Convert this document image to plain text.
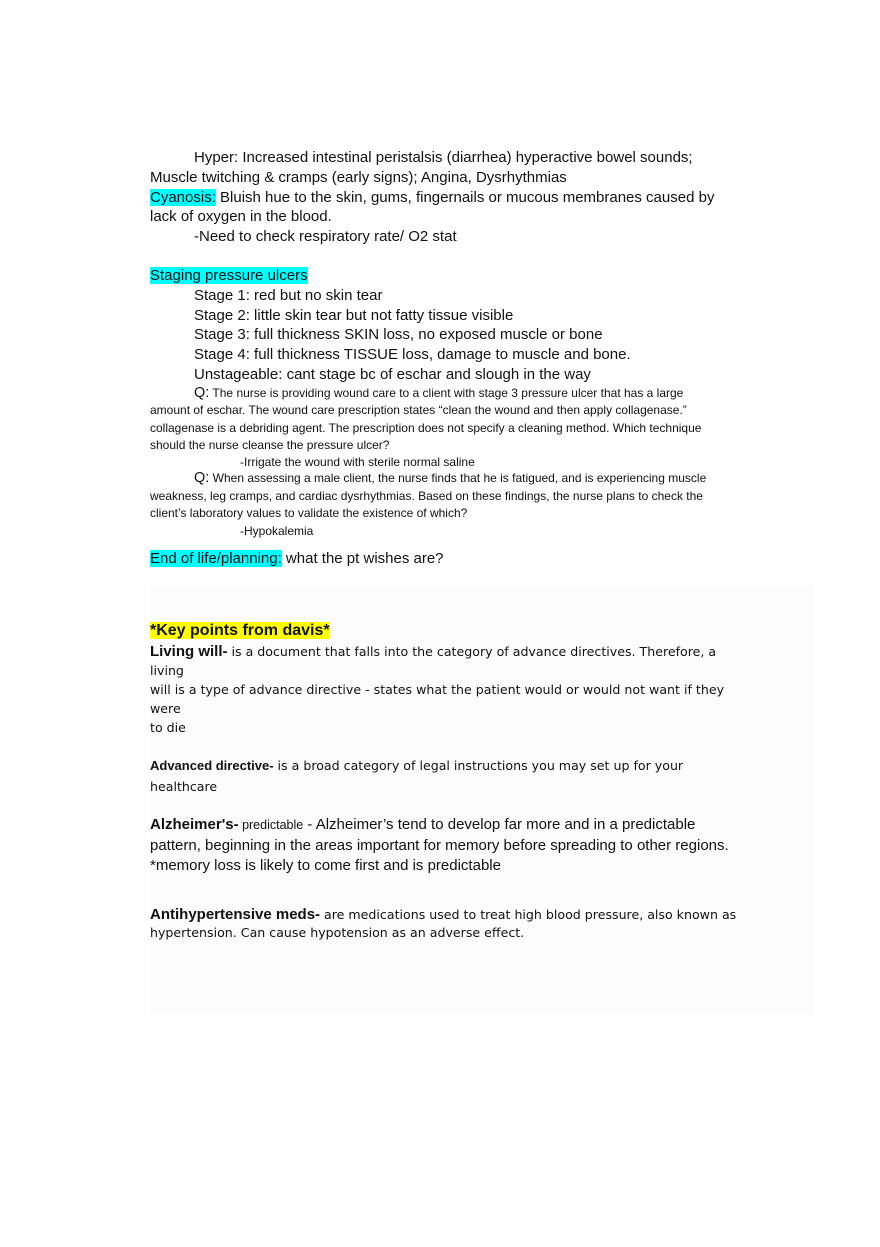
Hyper: Increased intestinal peristalsis (diarrhea) hyperactive bowel sounds;

Muscle twitching & cramps (early signs); Angina, Dysrhythmias

Cyanosis: Bluish hue to the skin, gums, fingernails or mucous membranes caused by

lack of oxygen in the blood.

-Need to check respiratory rate/ O2 stat

Staging pressure ulcers

Stage 1: red but no skin tear

Stage 2: little skin tear but not fatty tissue visible

Stage 3: full thickness SKIN loss, no exposed muscle or bone

Stage 4: full thickness TISSUE loss, damage to muscle and bone.

Unstageable: cant stage bc of eschar and slough in the way

Q: The nurse is providing wound care to a client with stage 3 pressure ulcer that has a large

amount of eschar. The wound care prescription states “clean the wound and then apply collagenase.”

collagenase is a debriding agent. The prescription does not specify a cleaning method. Which technique

should the nurse cleanse the pressure ulcer?

-Irrigate the wound with sterile normal saline

Q: When assessing a male client, the nurse finds that he is fatigued, and is experiencing muscle

weakness, leg cramps, and cardiac dysrhythmias. Based on these findings, the nurse plans to check the

client’s laboratory values to validate the existence of which?

-Hypokalemia

End of life/planning: what the pt wishes are?

*Key points from davis*

Living will- is a document that falls into the category of advance directives. Therefore, a living

will is a type of advance directive - states what the patient would or would not want if they were

to die

Advanced directive- is a broad category of legal instructions you may set up for your

healthcare

Alzheimer's- predictable - Alzheimer’s tend to develop far more and in a predictable

pattern, beginning in the areas important for memory before spreading to other regions.

*memory loss is likely to come first and is predictable

Antihypertensive meds- are medications used to treat high blood pressure, also known as

hypertension. Can cause hypotension as an adverse effect.
